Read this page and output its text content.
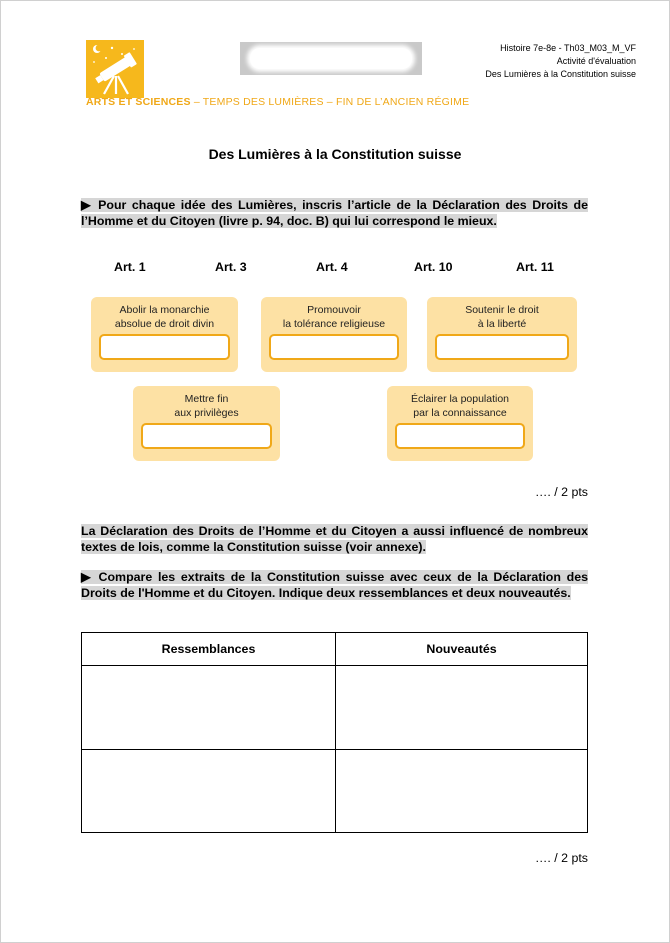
Histoire 7e-8e - Th03_M03_M_VF
Activité d'évaluation
Des Lumières à la Constitution suisse
ARTS ET SCIENCES – TEMPS DES LUMIÈRES – FIN DE L’ANCIEN RÉGIME
Des Lumières à la Constitution suisse
▶ Pour chaque idée des Lumières, inscris l’article de la Déclaration des Droits de l’Homme et du Citoyen (livre p. 94, doc. B) qui lui correspond le mieux.
Art. 1	Art. 3	Art. 4	Art. 10	Art. 11
Abolir la monarchie
absolue de droit divin
Promouvoir
la tolérance religieuse
Soutenir le droit
à la liberté
Mettre fin
aux privilèges
Éclairer la population
par la connaissance
…. / 2 pts
La Déclaration des Droits de l’Homme et du Citoyen a aussi influencé de nombreux textes de lois, comme la Constitution suisse (voir annexe).
▶ Compare les extraits de la Constitution suisse avec ceux de la Déclaration des Droits de l'Homme et du Citoyen. Indique deux ressemblances et deux nouveautés.
Ressemblances	Nouveautés

…. / 2 pts
